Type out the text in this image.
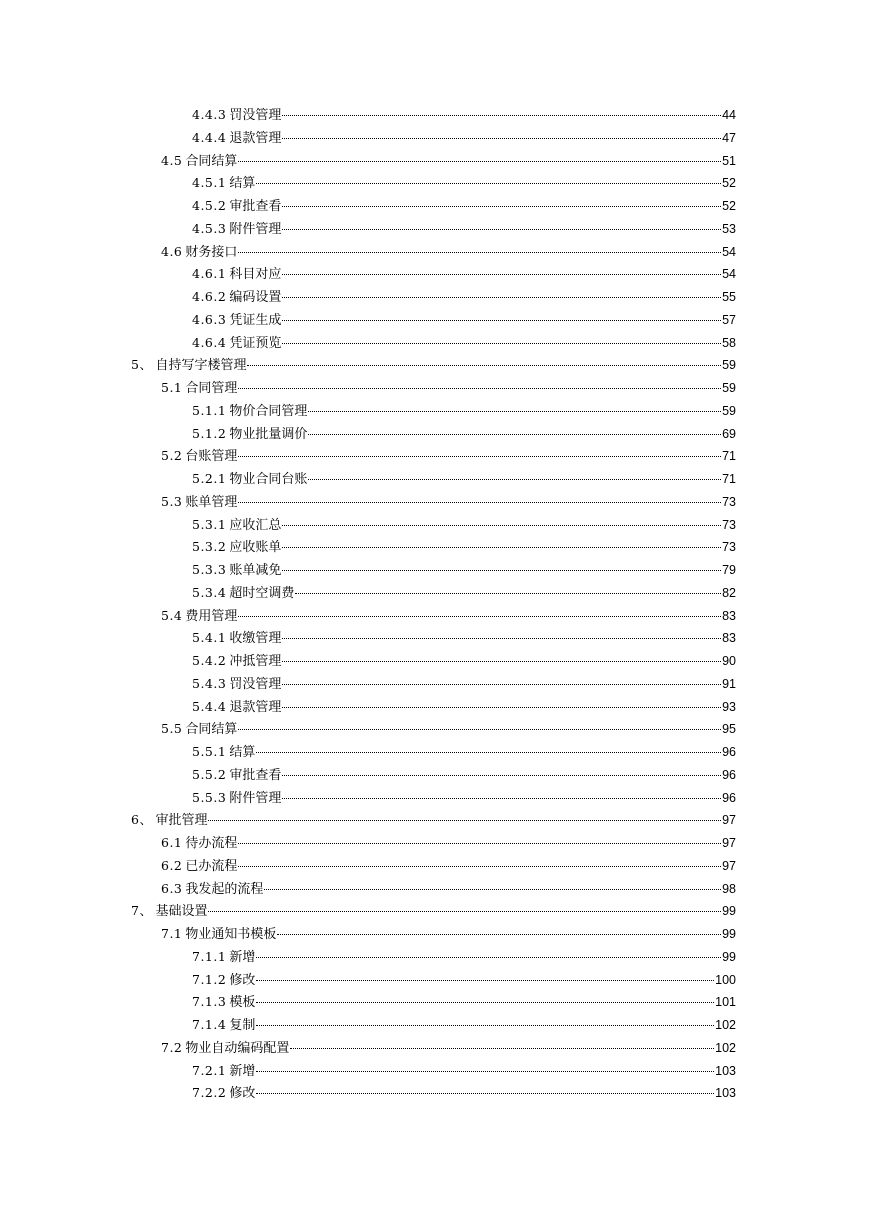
4.4.3 罚没管理	44
4.4.4 退款管理	47
4.5 合同结算	51
4.5.1 结算	52
4.5.2 审批查看	52
4.5.3 附件管理	53
4.6 财务接口	54
4.6.1 科目对应	54
4.6.2 编码设置	55
4.6.3 凭证生成	57
4.6.4 凭证预览	58
5、 自持写字楼管理	59
5.1 合同管理	59
5.1.1 物价合同管理	59
5.1.2 物业批量调价	69
5.2 台账管理	71
5.2.1 物业合同台账	71
5.3 账单管理	73
5.3.1 应收汇总	73
5.3.2 应收账单	73
5.3.3 账单减免	79
5.3.4 超时空调费	82
5.4 费用管理	83
5.4.1 收缴管理	83
5.4.2 冲抵管理	90
5.4.3 罚没管理	91
5.4.4 退款管理	93
5.5 合同结算	95
5.5.1 结算	96
5.5.2 审批查看	96
5.5.3 附件管理	96
6、 审批管理	97
6.1 待办流程	97
6.2 已办流程	97
6.3 我发起的流程	98
7、 基础设置	99
7.1 物业通知书模板	99
7.1.1 新增	99
7.1.2 修改	100
7.1.3 模板	101
7.1.4 复制	102
7.2 物业自动编码配置	102
7.2.1 新增	103
7.2.2 修改	103
